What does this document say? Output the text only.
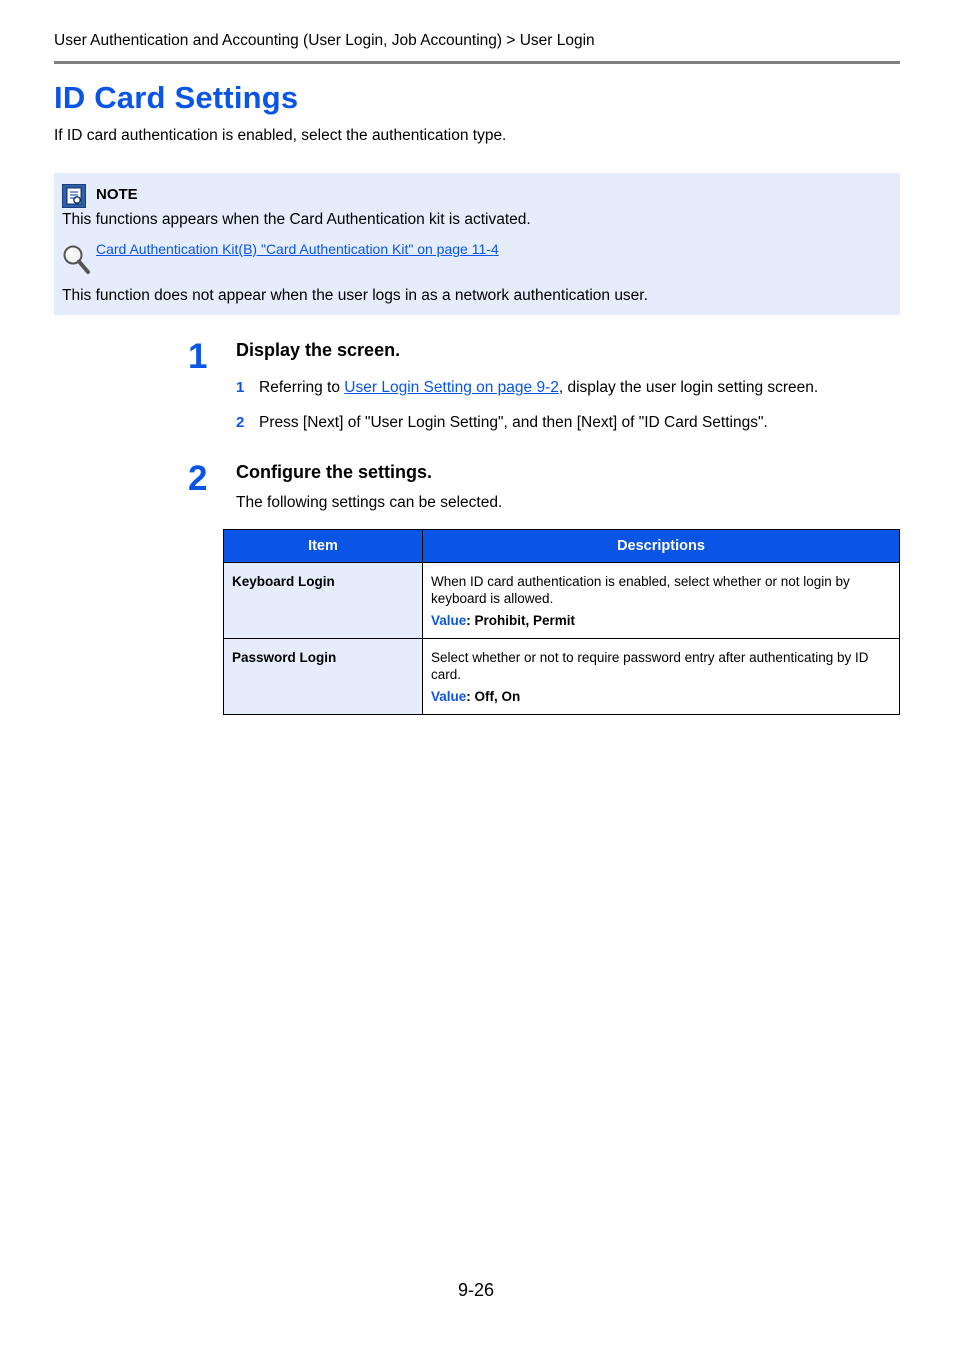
User Authentication and Accounting (User Login, Job Accounting) > User Login
ID Card Settings
If ID card authentication is enabled, select the authentication type.
NOTE
This functions appears when the Card Authentication kit is activated.
Card Authentication Kit(B) "Card Authentication Kit" on page 11-4
This function does not appear when the user logs in as a network authentication user.
1 Display the screen.
1 Referring to User Login Setting on page 9-2, display the user login setting screen.
2 Press [Next] of "User Login Setting", and then [Next] of "ID Card Settings".
2 Configure the settings.
The following settings can be selected.
Item	Descriptions
Keyboard Login	When ID card authentication is enabled, select whether or not login by keyboard is allowed.
Value: Prohibit, Permit

Password Login	Select whether or not to require password entry after authenticating by ID card.
Value: Off, On
9-26
